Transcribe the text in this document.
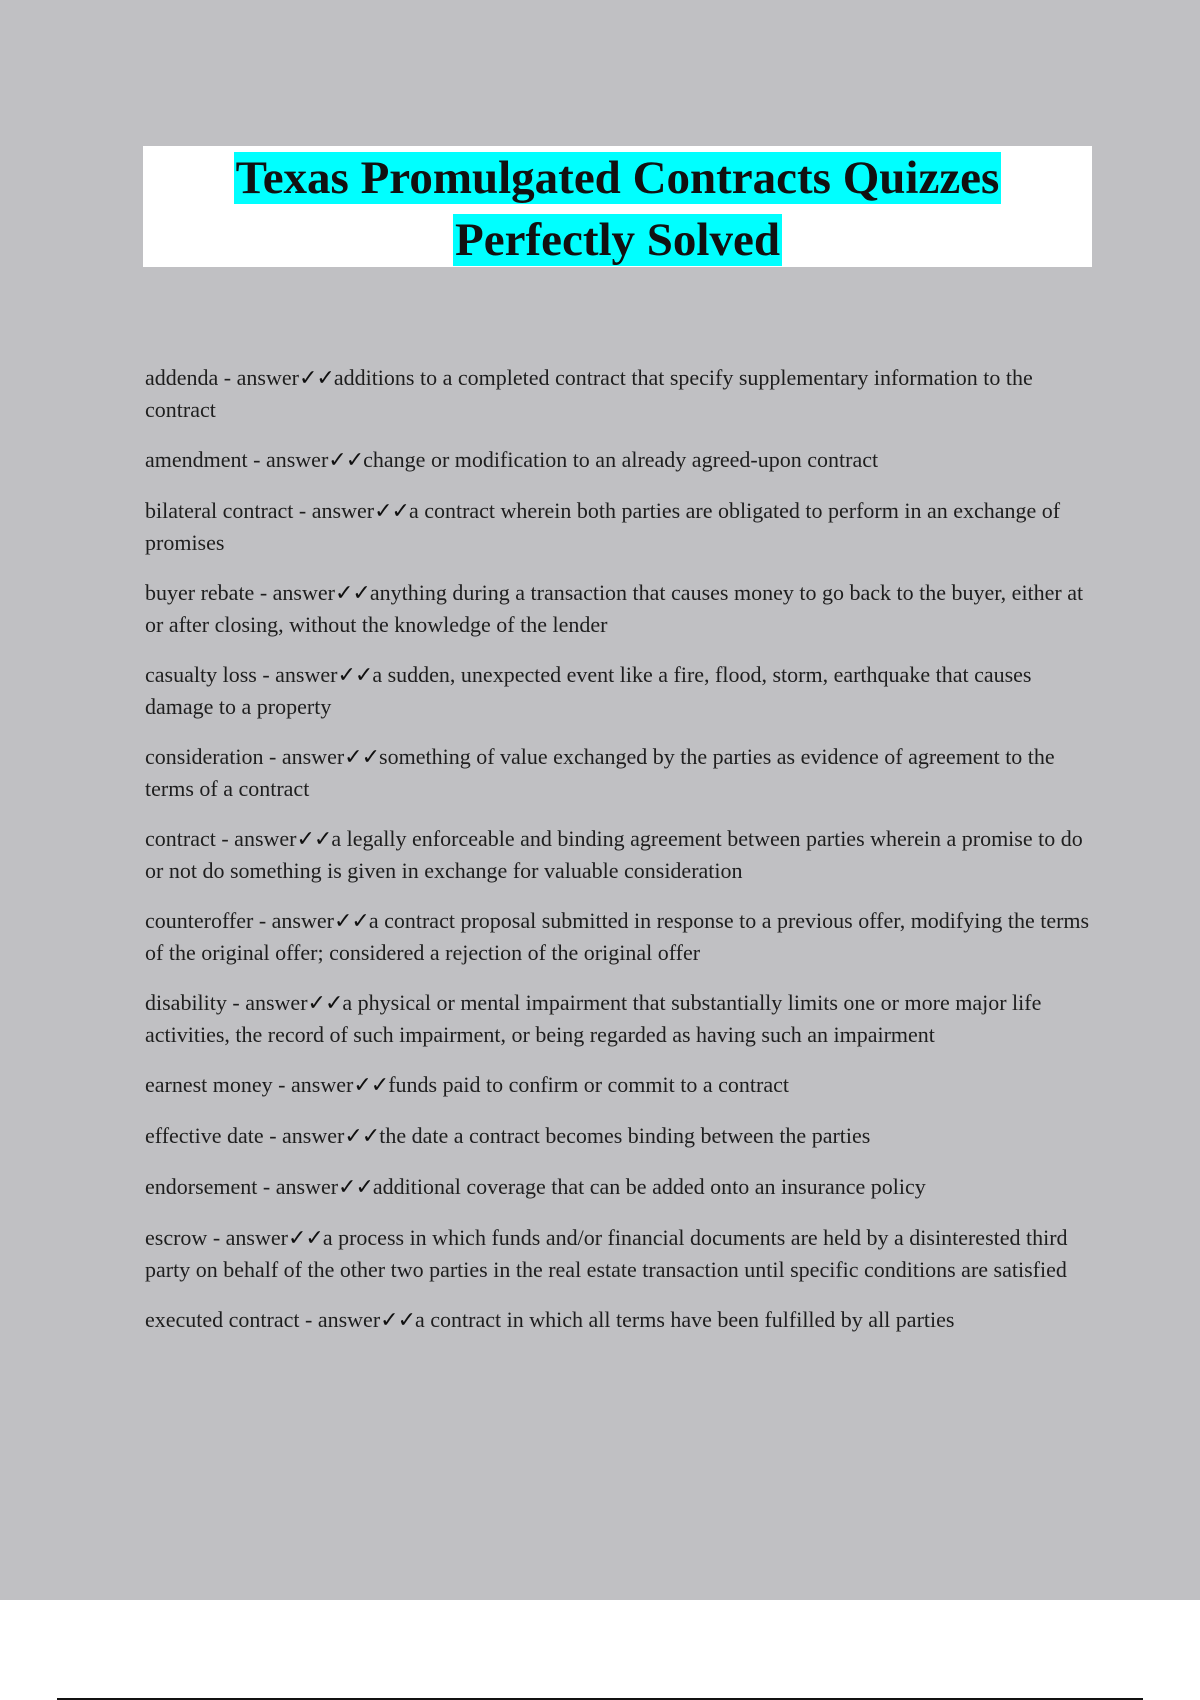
Texas Promulgated Contracts Quizzes
Perfectly Solved
addenda - answer✓✓additions to a completed contract that specify supplementary information to the contract
amendment - answer✓✓change or modification to an already agreed-upon contract
bilateral contract - answer✓✓a contract wherein both parties are obligated to perform in an exchange of promises
buyer rebate - answer✓✓anything during a transaction that causes money to go back to the buyer, either at or after closing, without the knowledge of the lender
casualty loss - answer✓✓a sudden, unexpected event like a fire, flood, storm, earthquake that causes damage to a property
consideration - answer✓✓something of value exchanged by the parties as evidence of agreement to the terms of a contract
contract - answer✓✓a legally enforceable and binding agreement between parties wherein a promise to do or not do something is given in exchange for valuable consideration
counteroffer - answer✓✓a contract proposal submitted in response to a previous offer, modifying the terms of the original offer; considered a rejection of the original offer
disability - answer✓✓a physical or mental impairment that substantially limits one or more major life activities, the record of such impairment, or being regarded as having such an impairment
earnest money - answer✓✓funds paid to confirm or commit to a contract
effective date - answer✓✓the date a contract becomes binding between the parties
endorsement - answer✓✓additional coverage that can be added onto an insurance policy
escrow - answer✓✓a process in which funds and/or financial documents are held by a disinterested third party on behalf of the other two parties in the real estate transaction until specific conditions are satisfied
executed contract - answer✓✓a contract in which all terms have been fulfilled by all parties
